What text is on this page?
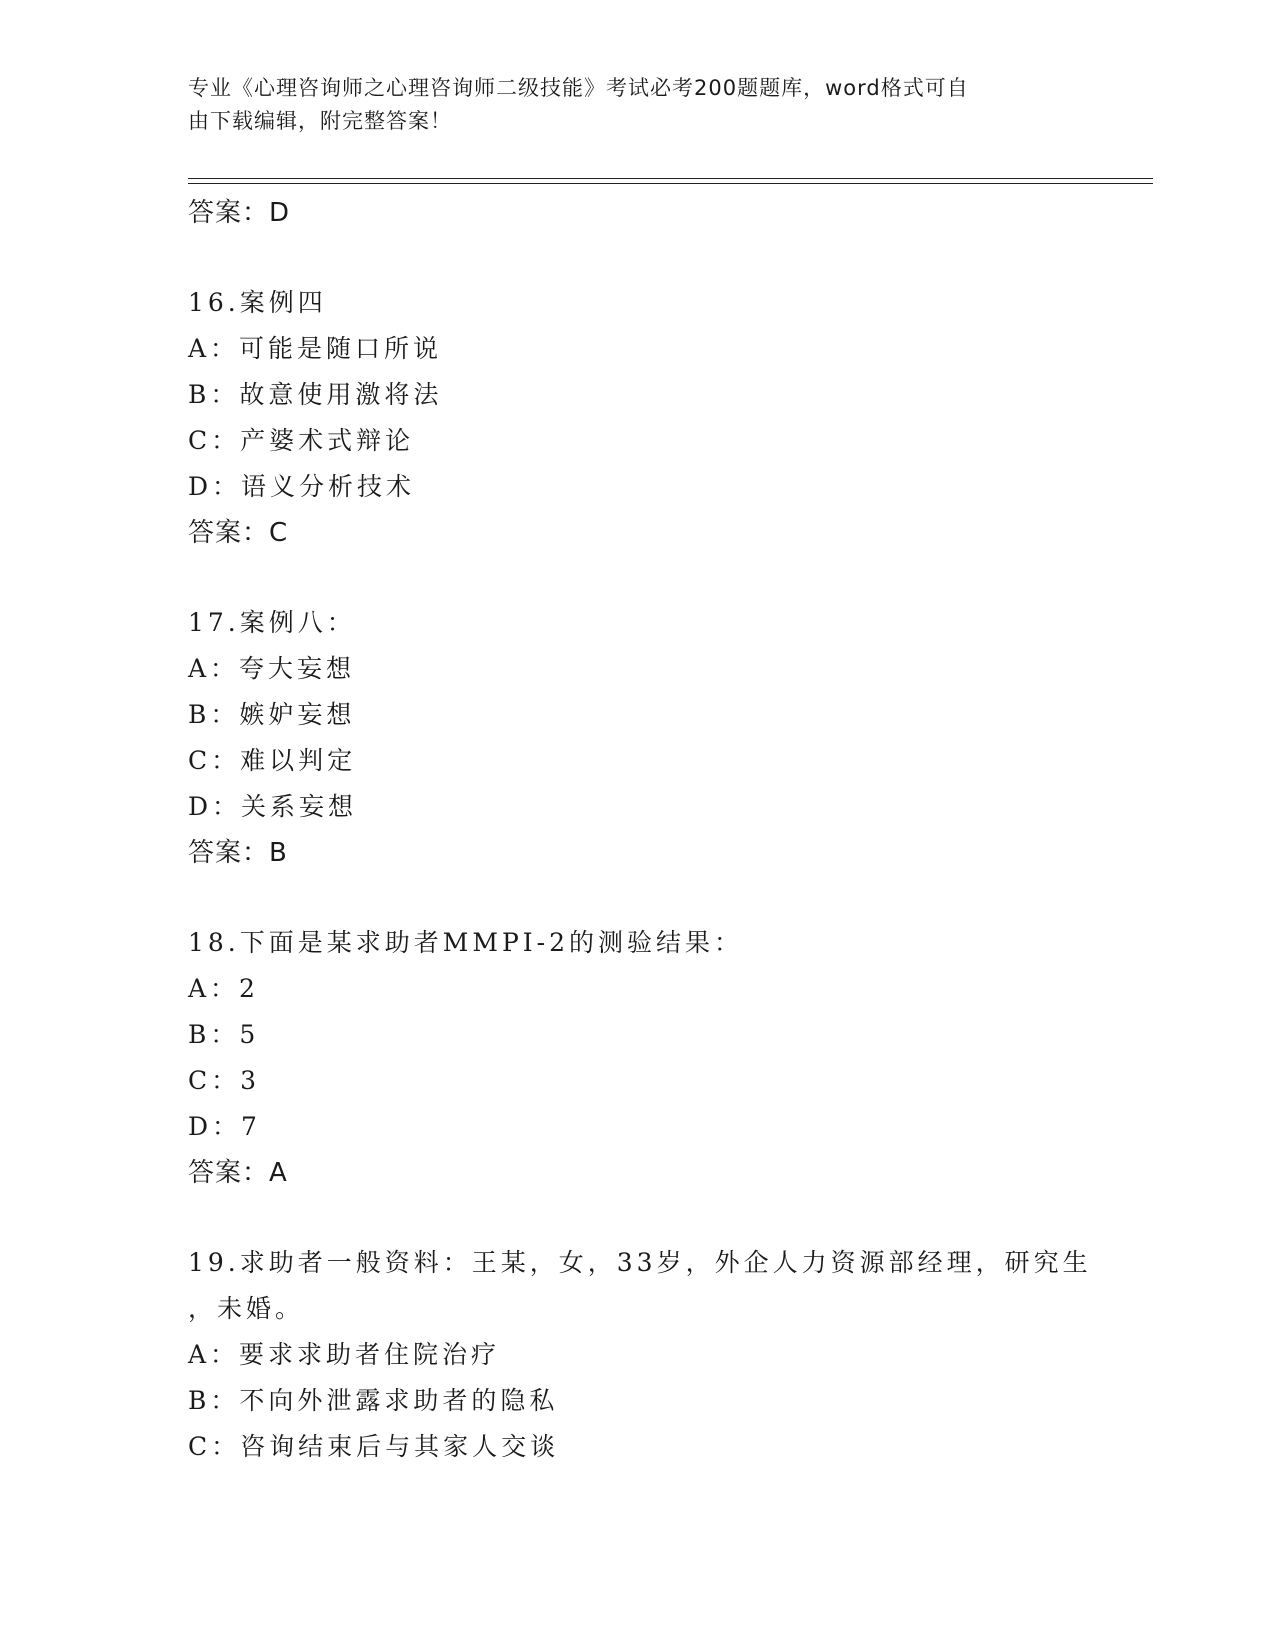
专业《心理咨询师之心理咨询师二级技能》考试必考200题题库，word格式可自
由下载编辑，附完整答案！
答案：D
16.案例四
A：可能是随口所说
B：故意使用激将法
C：产婆术式辩论
D：语义分析技术
答案：C
17.案例八：
A：夸大妄想
B：嫉妒妄想
C：难以判定
D：关系妄想
答案：B
18.下面是某求助者MMPI-2的测验结果：
A：2
B：5
C：3
D：7
答案：A
19.求助者一般资料：王某，女，33岁，外企人力资源部经理，研究生
，未婚。
A：要求求助者住院治疗
B：不向外泄露求助者的隐私
C：咨询结束后与其家人交谈
